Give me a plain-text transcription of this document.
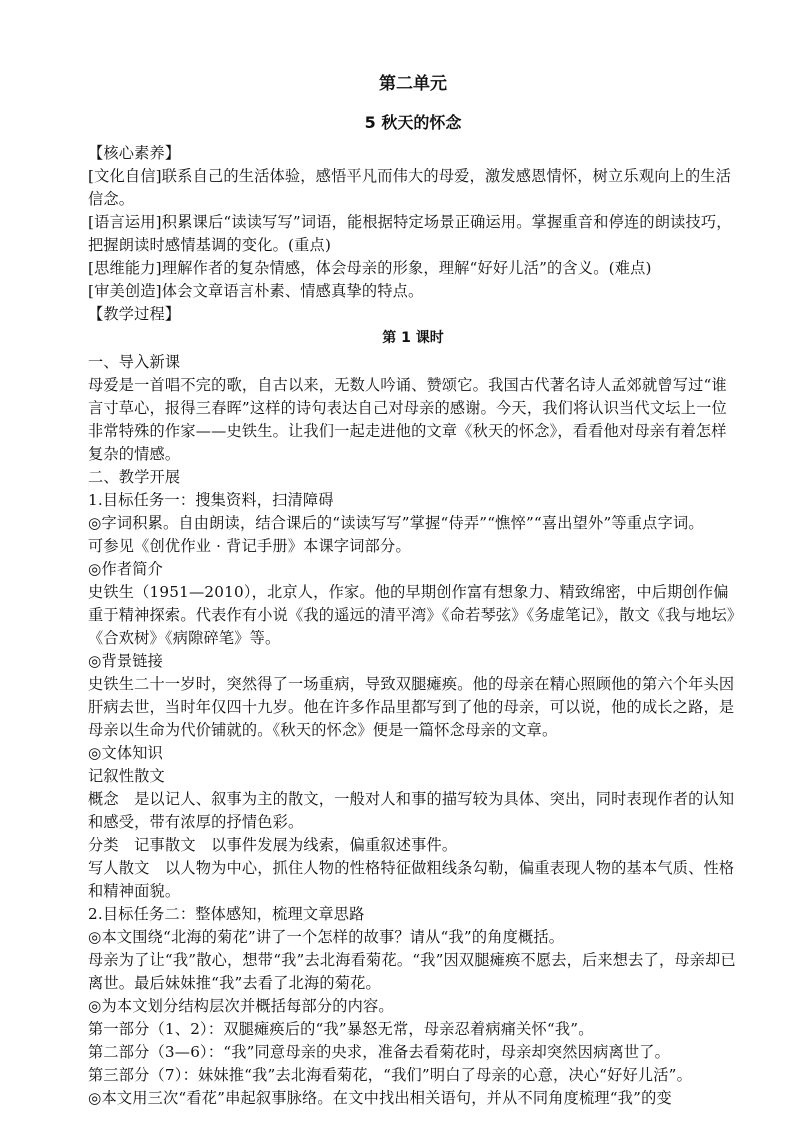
第二单元
5 秋天的怀念

【核心素养】

[文化自信]联系自己的生活体验，感悟平凡而伟大的母爱，激发感恩情怀，树立乐观向上的生活信念。

[语言运用]积累课后“读读写写”词语，能根据特定场景正确运用。掌握重音和停连的朗读技巧，把握朗读时感情基调的变化。(重点)

[思维能力]理解作者的复杂情感，体会母亲的形象，理解“好好儿活”的含义。(难点)

[审美创造]体会文章语言朴素、情感真挚的特点。

【教学过程】

第 1 课时

一、导入新课

母爱是一首唱不完的歌，自古以来，无数人吟诵、赞颂它。我国古代著名诗人孟郊就曾写过“谁言寸草心，报得三春晖”这样的诗句表达自己对母亲的感谢。今天，我们将认识当代文坛上一位非常特殊的作家——史铁生。让我们一起走进他的文章《秋天的怀念》，看看他对母亲有着怎样复杂的情感。

二、教学开展

1.目标任务一：搜集资料，扫清障碍

◎字词积累。自由朗读，结合课后的“读读写写”掌握“侍弄”“憔悴”“喜出望外”等重点字词。

可参见《创优作业 · 背记手册》本课字词部分。

◎作者简介

史铁生（1951—2010），北京人，作家。他的早期创作富有想象力、精致绵密，中后期创作偏重于精神探索。代表作有小说《我的遥远的清平湾》《命若琴弦》《务虚笔记》，散文《我与地坛》《合欢树》《病隙碎笔》等。

◎背景链接

史铁生二十一岁时，突然得了一场重病，导致双腿瘫痪。他的母亲在精心照顾他的第六个年头因肝病去世，当时年仅四十九岁。他在许多作品里都写到了他的母亲，可以说，他的成长之路，是母亲以生命为代价铺就的。《秋天的怀念》便是一篇怀念母亲的文章。

◎文体知识

记叙性散文

概念　是以记人、叙事为主的散文，一般对人和事的描写较为具体、突出，同时表现作者的认知和感受，带有浓厚的抒情色彩。

分类　记事散文　以事件发展为线索，偏重叙述事件。

写人散文　以人物为中心，抓住人物的性格特征做粗线条勾勒，偏重表现人物的基本气质、性格和精神面貌。

2.目标任务二：整体感知，梳理文章思路

◎本文围绕“北海的菊花”讲了一个怎样的故事？请从“我”的角度概括。

母亲为了让“我”散心，想带“我”去北海看菊花。“我”因双腿瘫痪不愿去，后来想去了，母亲却已离世。最后妹妹推“我”去看了北海的菊花。

◎为本文划分结构层次并概括每部分的内容。

第一部分（1、2）：双腿瘫痪后的“我”暴怒无常，母亲忍着病痛关怀“我”。

第二部分（3—6）：“我”同意母亲的央求，准备去看菊花时，母亲却突然因病离世了。

第三部分（7）：妹妹推“我”去北海看菊花，“我们”明白了母亲的心意，决心“好好儿活”。

◎本文用三次“看花”串起叙事脉络。在文中找出相关语句，并从不同角度梳理“我”的变
